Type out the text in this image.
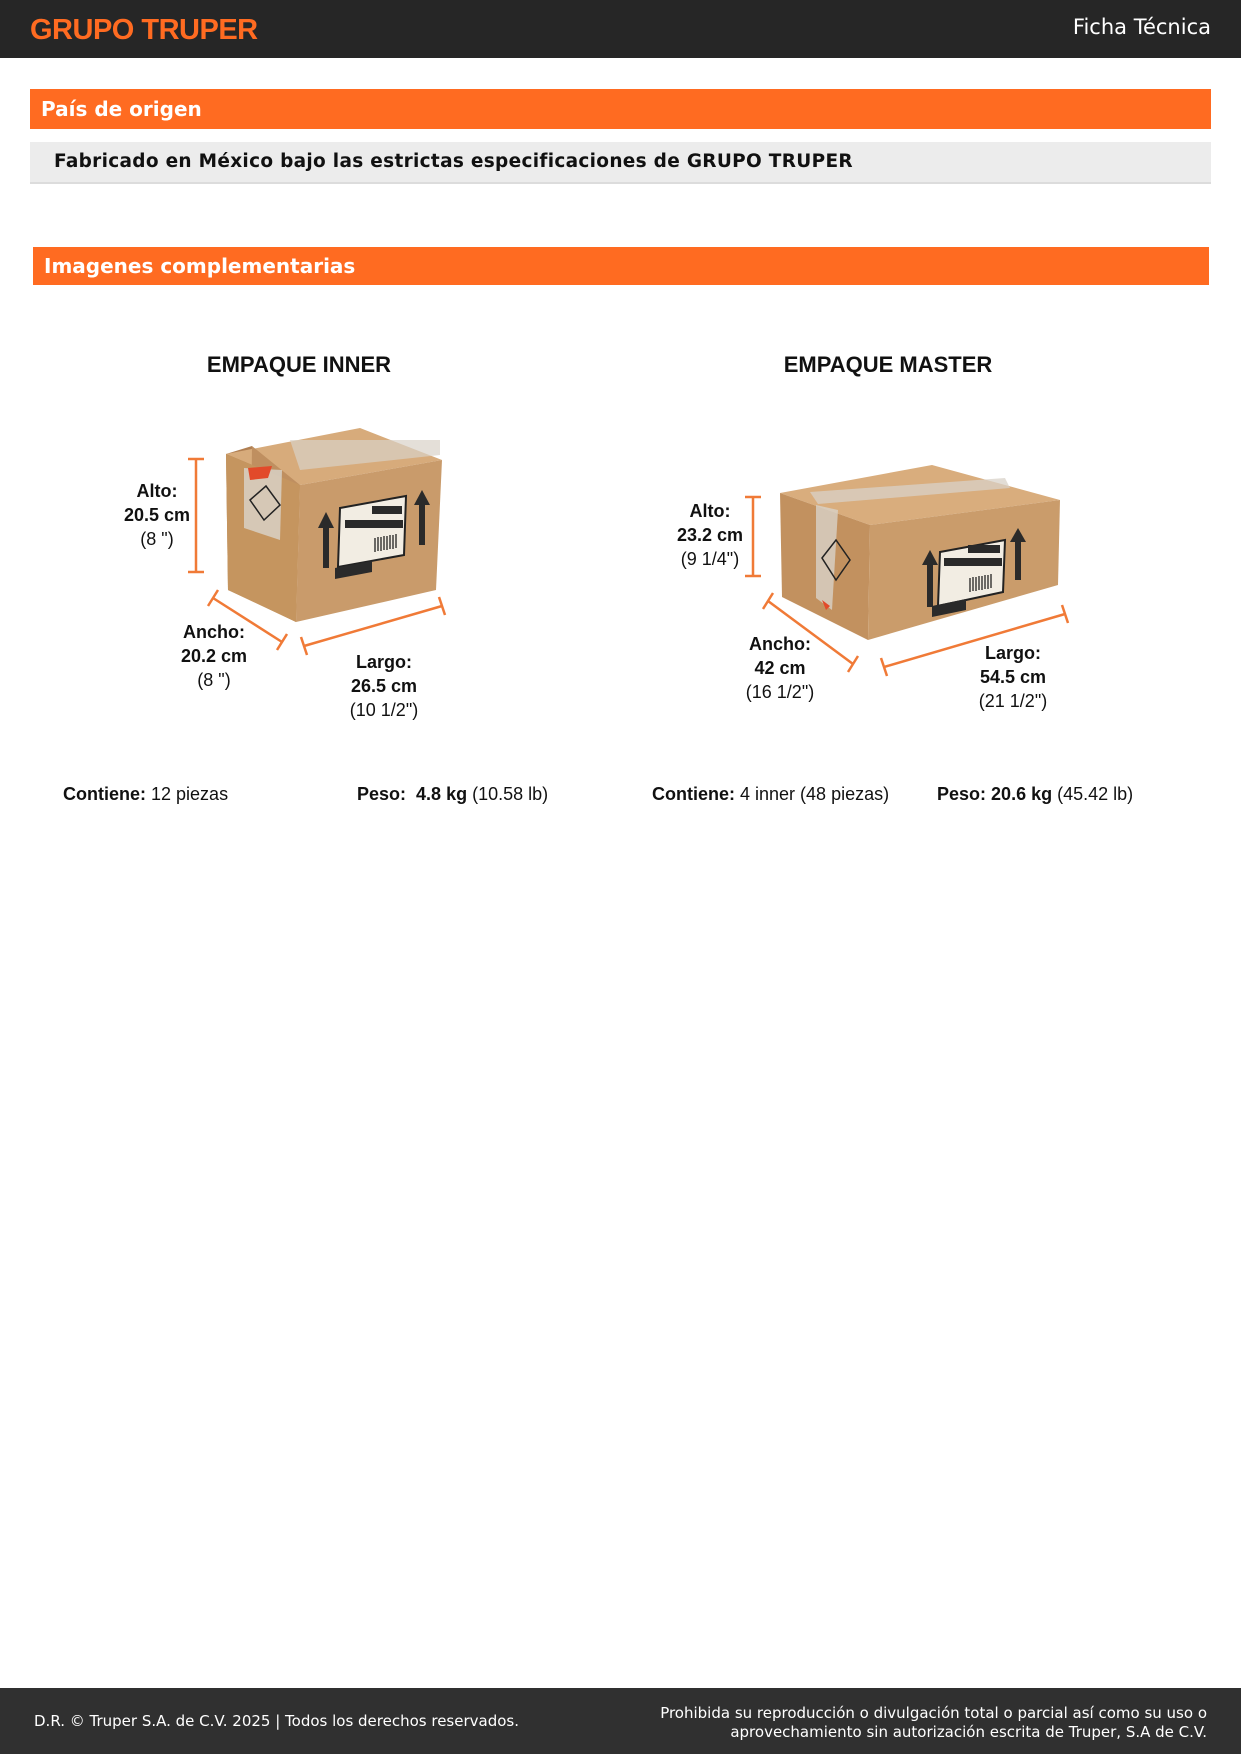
GRUPO TRUPER	Ficha Técnica
País de origen
Fabricado en México bajo las estrictas especificaciones de GRUPO TRUPER
Imagenes complementarias
EMPAQUE INNER	EMPAQUE MASTER
Alto:
20.5 cm
(8 ʺ)
Ancho:
20.2 cm
(8 ʺ)
Largo:
26.5 cm
(10 1/2ʺ)
Alto:
23.2 cm
(9 1/4ʺ)
Ancho:
42 cm
(16 1/2ʺ)
Largo:
54.5 cm
(21 1/2ʺ)
Contiene: 12 piezas	Peso: 4.8 kg (10.58 lb)	Contiene: 4 inner (48 piezas)	Peso: 20.6 kg (45.42 lb)
D.R. © Truper S.A. de C.V. 2025 | Todos los derechos reservados.	Prohibida su reproducción o divulgación total o parcial así como su uso o
aprovechamiento sin autorización escrita de Truper, S.A de C.V.
